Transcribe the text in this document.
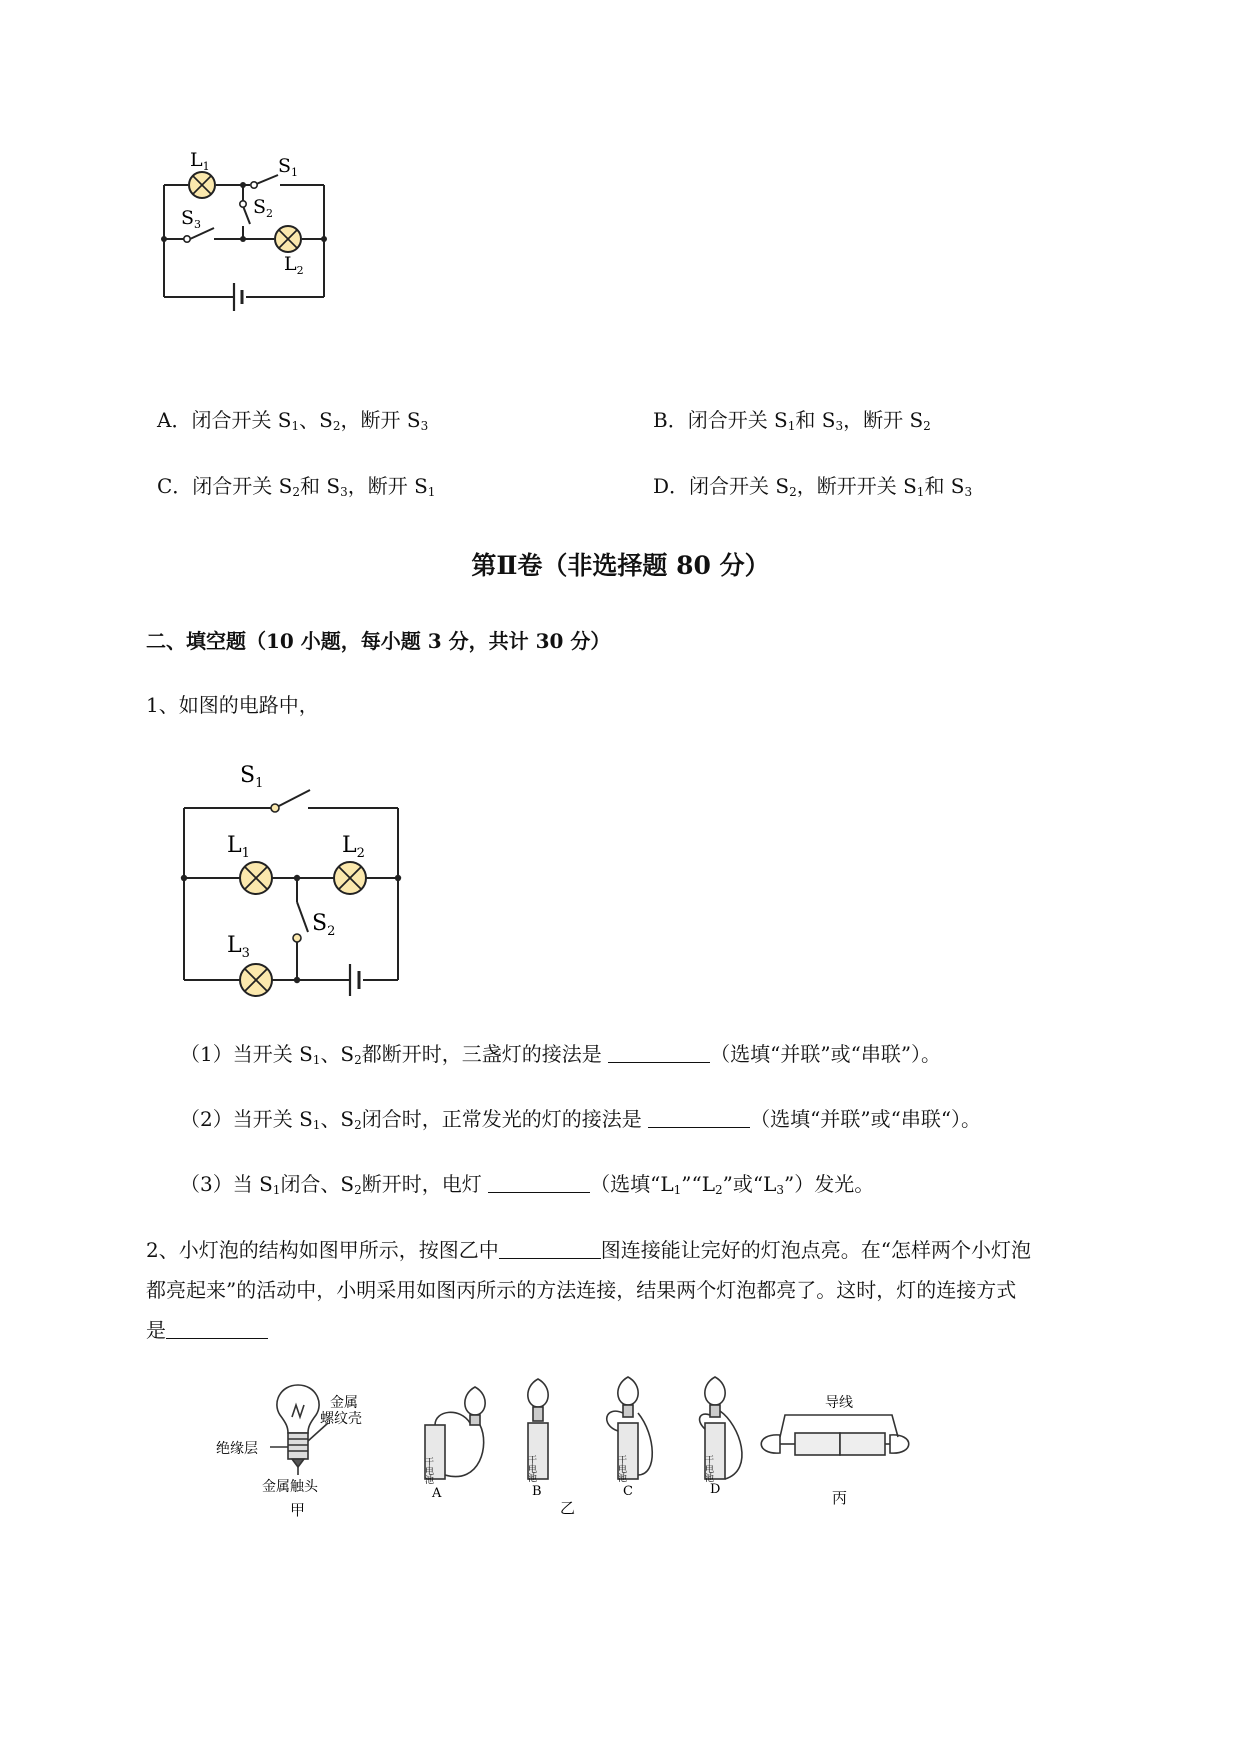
$L_1$	$S_1$
$S_2$
$S_3$
$L_2$
A．闭合开关 $S_1$、$S_2$，断开 $S_3$	B．闭合开关 $S_1$和 $S_3$，断开 $S_2$
C．闭合开关 $S_2$和 $S_3$，断开 $S_1$	D．闭合开关 $S_2$，断开开关 $S_1$和 $S_3$
第Ⅱ卷（非选择题 80 分）
二、填空题（10 小题，每小题 3 分，共计 30 分）
1、如图的电路中，
$S_1$
$L_1$	$L_2$
$S_2$
$L_3$
（1）当开关 $S_1$、$S_2$都断开时，三盏灯的接法是	（选填“并联”或“串联”）。
（2）当开关 $S_1$、$S_2$闭合时，正常发光的灯的接法是	（选填“并联”或“串联“）。
（3）当 $S_1$闭合、$S_2$断开时，电灯	（选填“$L_1”“L_2$”或“$L_3$”）发光。
2、小灯泡的结构如图甲所示，按图乙中	图连接能让完好的灯泡点亮。在“怎样两个小灯泡
都亮起来”的活动中，小明采用如图丙所示的方法连接，结果两个灯泡都亮了。这时，灯的连接方式
是
金属
螺纹壳
绝缘层
金属触头
甲
干电池	干电池	干电池	干电池
A	B	C	D
乙
导线
丙
